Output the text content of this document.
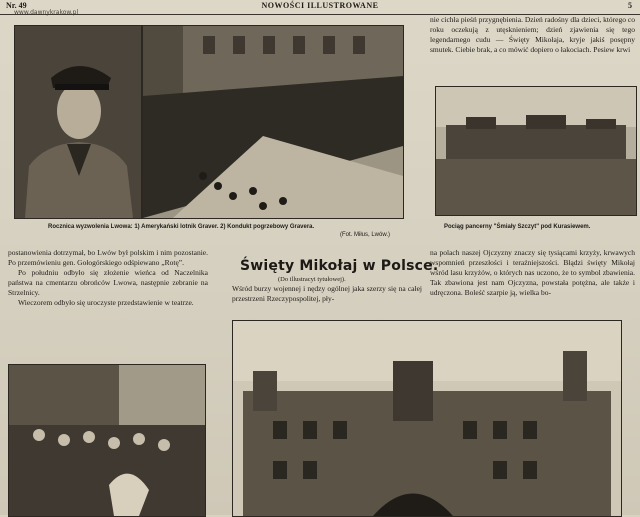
Nr. 49	NOWOŚCI ILLUSTROWANE	5
www.dawnykrakow.pl
Rocznica wyzwolenia Lwowa: 1) Amerykański lotnik Graver. 2) Kondukt pogrzebowy Gravera.
(Fot. Miłus, Lwów.)
nie cichła pieśń przygnębienia. Dzień radośny dla dzieci, którego co roku oczekują z utęsknieniem; dzień zjawienia się tego legendarnego cudu — Święty Mikołaja, kryje jakiś posępny smutek. Ciebie brak, a co mówić dopiero o łakociach. Pesiew krwi
Pociąg pancerny "Śmiały Szczyt" pod Kurasiewem.

postanowienia dotrzymał, bo Lwów był polskim i nim pozostanie. Po przemówieniu gen. Gołogórskiego odśpiewano „Rotę”.

Po południu odbyło się złożenie wieńca od Naczelnika państwa na cmentarzu obrońców Lwowa, następnie zebranie na Strzelnicy.

Wieczorem odbyło się uroczyste przedstawienie w teatrze.

Święty Mikołaj w Polsce.
(Do illustracyi tytułowej).
Wśród burzy wojennej i nędzy ogólnej jaka szerzy się na całej przestrzeni Rzeczypospolitej, pły-
na polach naszej Ojczyzny znaczy się tysiącami krzyży, krwawych wspomnień przeszłości i teraźniejszości. Błądzi święty Mikołaj wśród lasu krzyżów, o których nas uczono, że to symbol zbawienia. Tak zbawiona jest nam Ojczyzna, powstała potężna, ale także i udręczona. Boleść szarpie ją, wielka bo-
